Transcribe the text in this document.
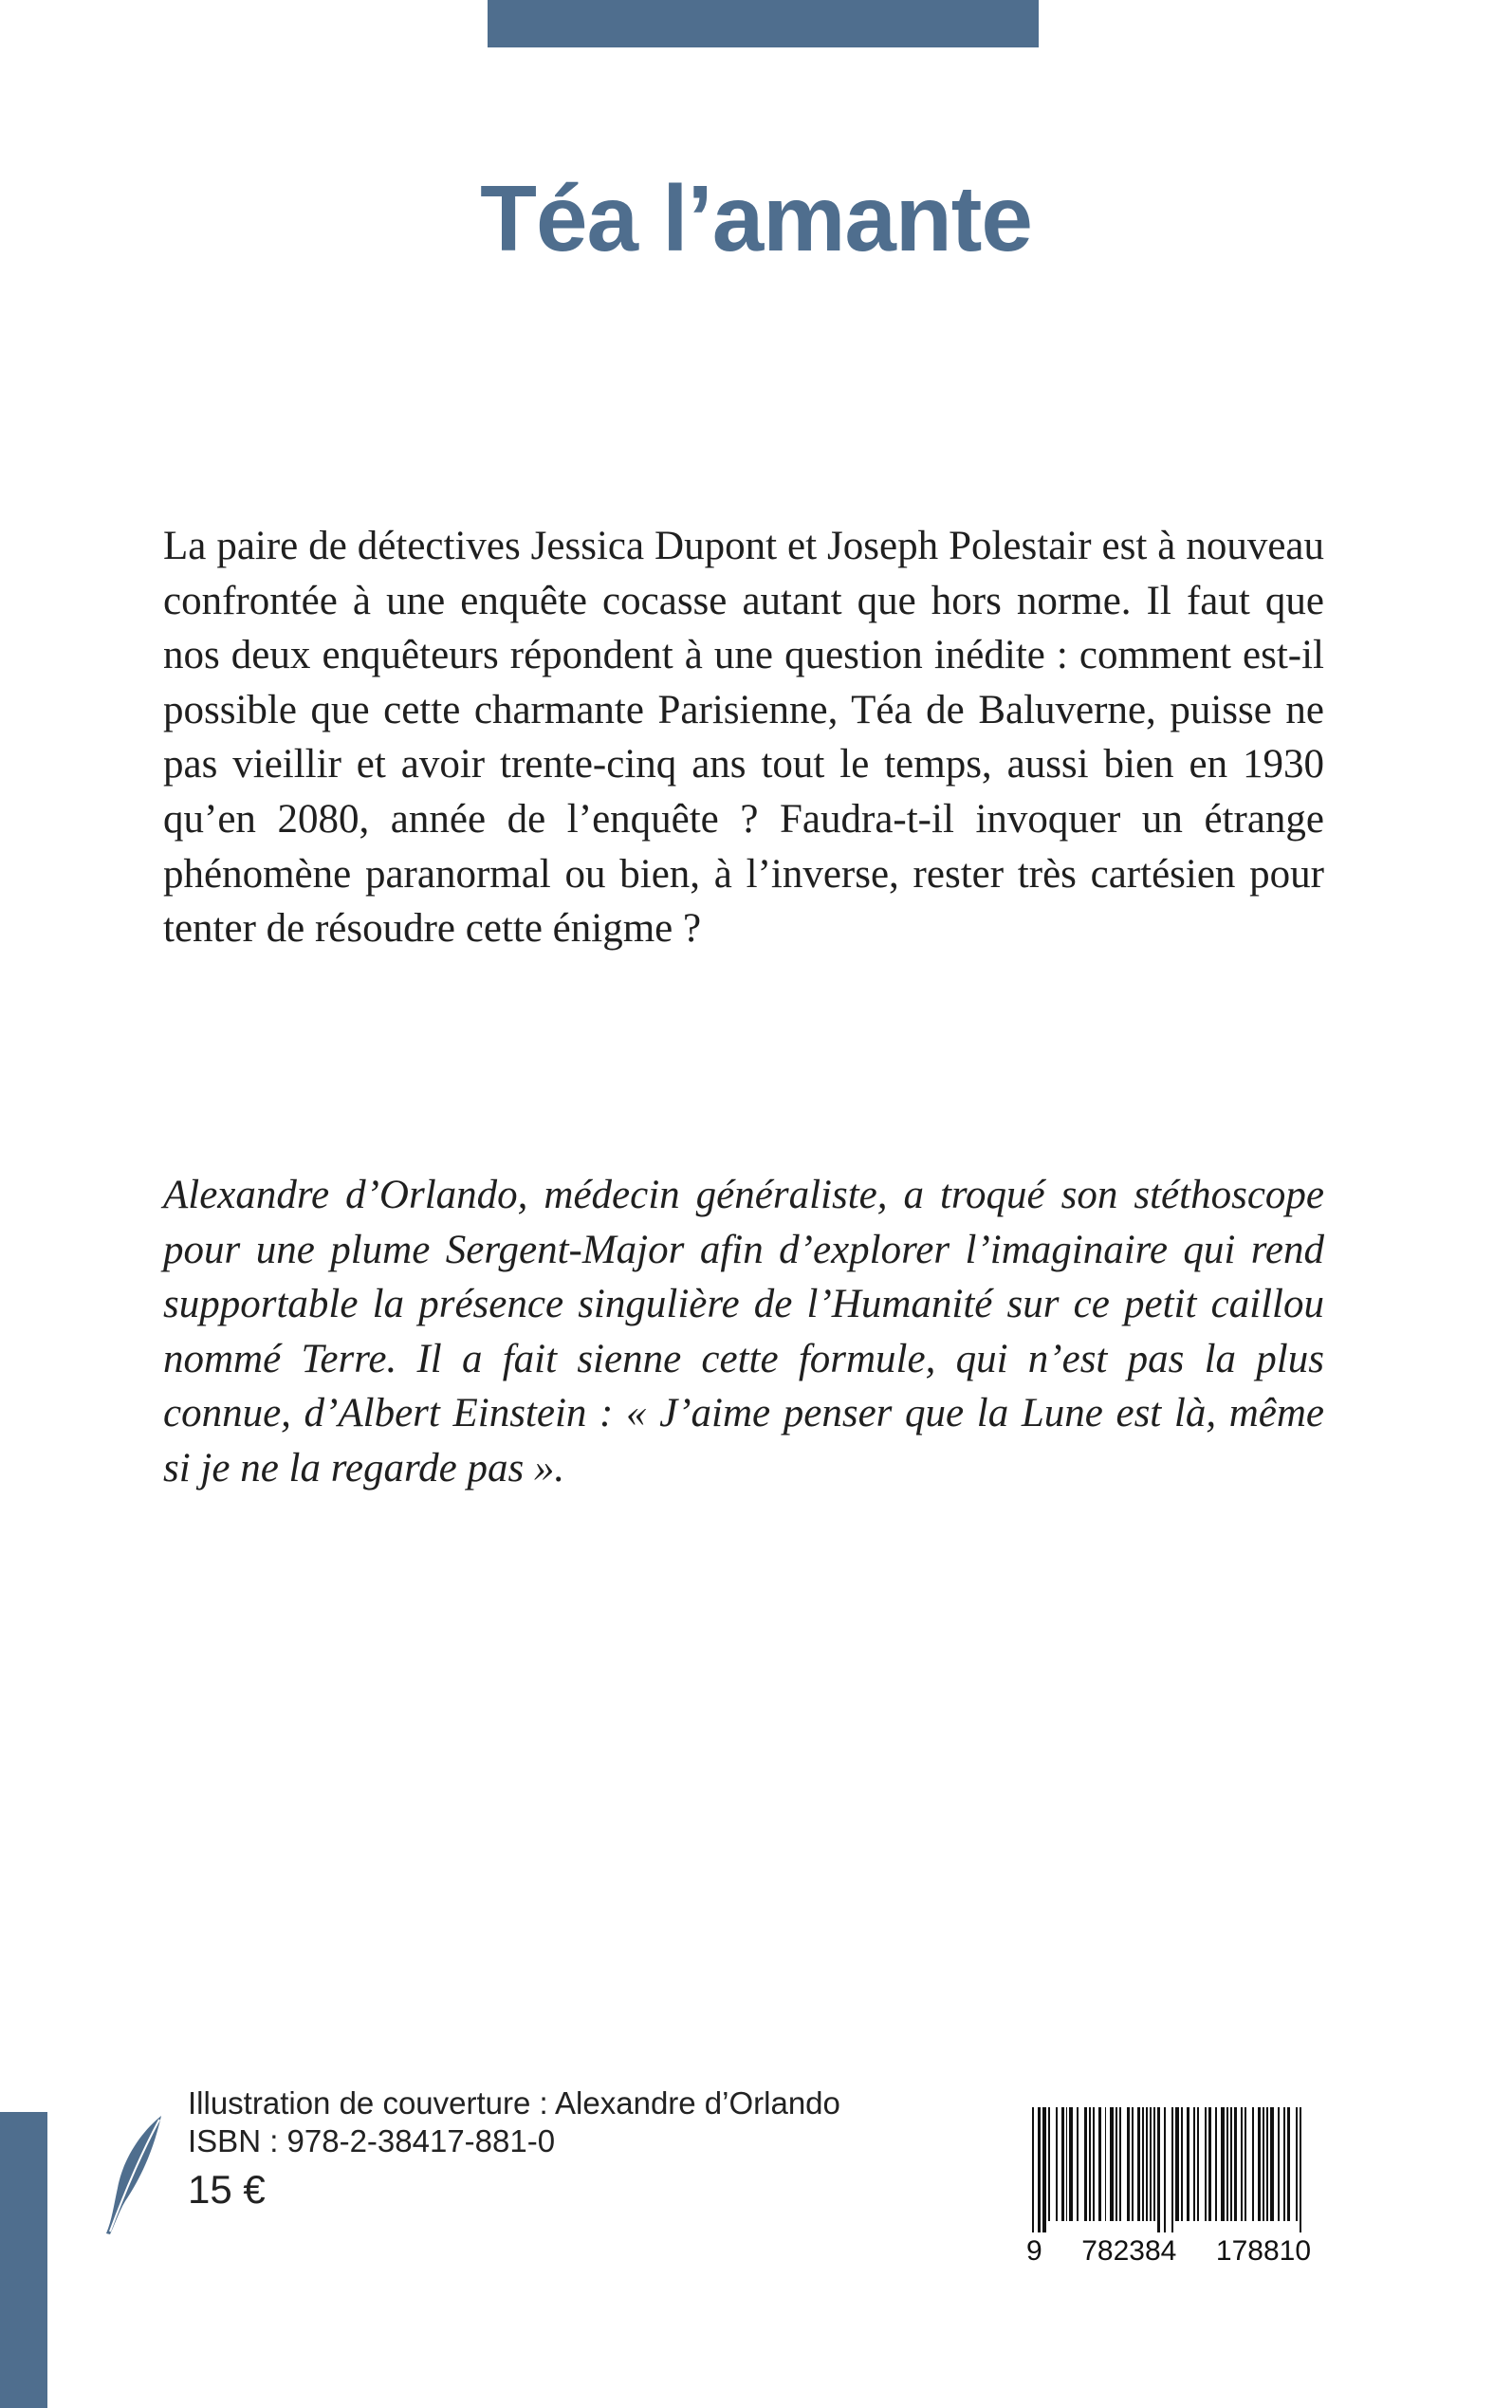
Téa l’amante

La paire de détectives Jessica Dupont et Joseph Polestair est à nouveau confrontée à une enquête cocasse autant que hors norme. Il faut que nos deux enquêteurs répondent à une question inédite : comment est-il possible que cette charmante Parisienne, Téa de Baluverne, puisse ne pas vieillir et avoir trente-cinq ans tout le temps, aussi bien en 1930 qu’en 2080, année de l’enquête ? Faudra-t-il invoquer un étrange phénomène paranormal ou bien, à l’inverse, rester très cartésien pour tenter de résoudre cette énigme ?

Alexandre d’Orlando, médecin généraliste, a troqué son stéthoscope pour une plume Sergent-Major afin d’explorer l’imaginaire qui rend supportable la présence singulière de l’Humanité sur ce petit caillou nommé Terre. Il a fait sienne cette formule, qui n’est pas la plus connue, d’Albert Einstein : « J’aime penser que la Lune est là, même si je ne la regarde pas ».

Illustration de couverture : Alexandre d’Orlando
ISBN : 978-2-38417-881-0
15 €
9 782384 178810
